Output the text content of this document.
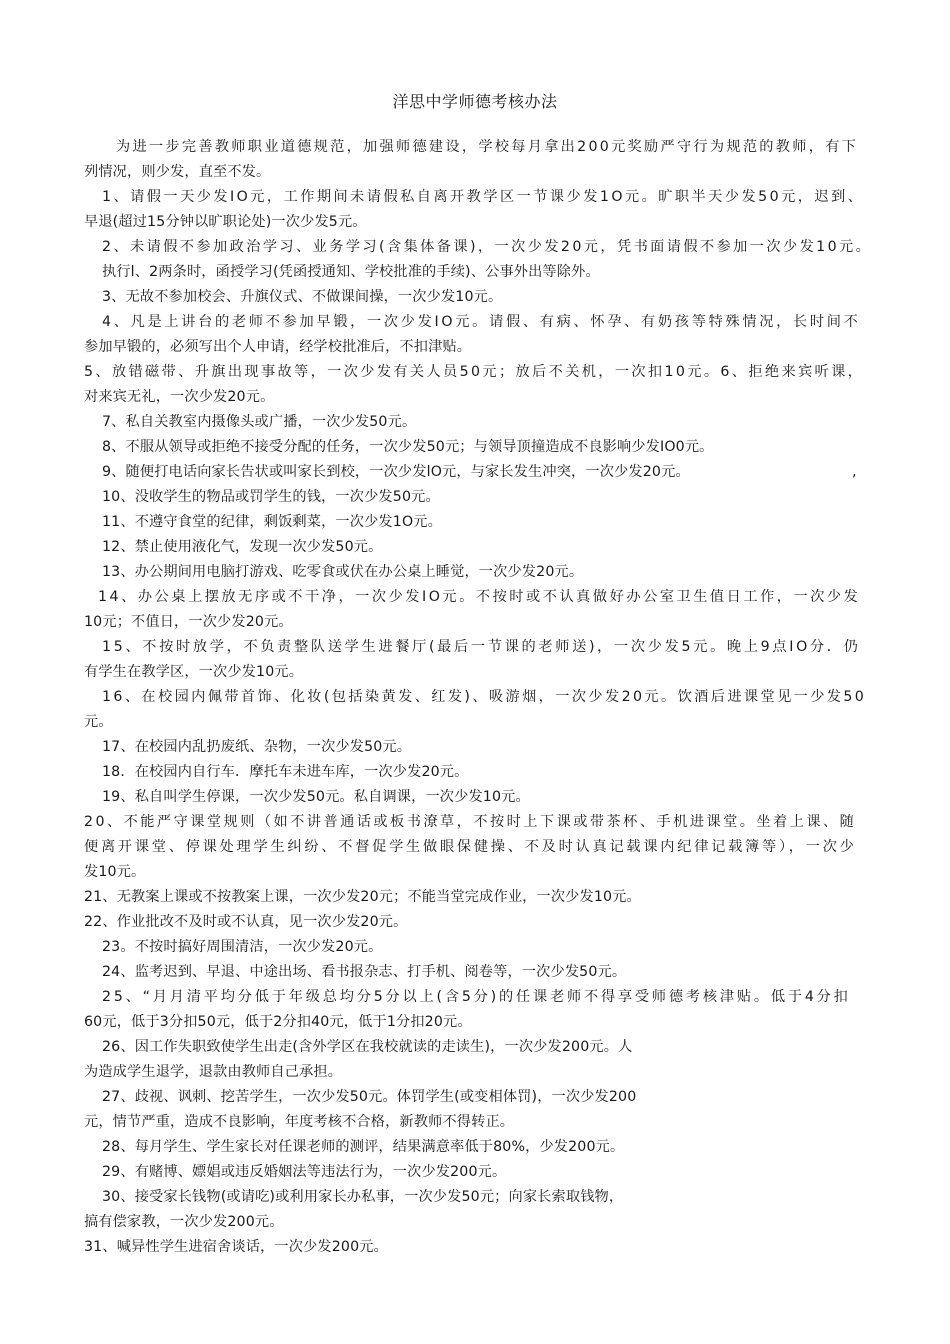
洋思中学师德考核办法
为进一步完善教师职业道德规范，加强师德建设，学校每月拿出200元奖励严守行为规范的教师，有下
列情况，则少发，直至不发。
1、请假一天少发IO元，工作期间未请假私自离开教学区一节课少发1O元。旷职半天少发50元，迟到、
早退(超过15分钟以旷职论处)一次少发5元。
2、未请假不参加政治学习、业务学习(含集体备课)，一次少发20元，凭书面请假不参加一次少发10元。
执行l、2两条时，函授学习(凭函授通知、学校批准的手续)、公事外出等除外。
3、无故不参加校会、升旗仪式、不做课间操，一次少发10元。
4、凡是上讲台的老师不参加早锻，一次少发IO元。请假、有病、怀孕、有奶孩等特殊情况，长时间不
参加早锻的，必须写出个人申请，经学校批准后，不扣津贴。
5、放错磁带、升旗出现事故等，一次少发有关人员50元；放后不关机，一次扣10元。6、拒绝来宾听课，
对来宾无礼，一次少发20元。
7、私自关教室内摄像头或广播，一次少发50元。
8、不服从领导或拒绝不接受分配的任务，一次少发50元；与领导顶撞造成不良影响少发IO0元。
9、随便打电话向家长告状或叫家长到校，一次少发lO元，与家长发生冲突，一次少发20元。
10、没收学生的物品或罚学生的钱，一次少发50元。
11、不遵守食堂的纪律，剩饭剩菜，一次少发1O元。
12、禁止使用液化气，发现一次少发50元。
13、办公期间用电脑打游戏、吃零食或伏在办公桌上睡觉，一次少发20元。
14、办公桌上摆放无序或不干净，一次少发IO元。不按时或不认真做好办公室卫生值日工作，一次少发
10元；不值日，一次少发20元。
15、不按时放学，不负责整队送学生进餐厅(最后一节课的老师送)，一次少发5元。晚上9点IO分．仍
有学生在教学区，一次少发10元。
16、在校园内佩带首饰、化妆(包括染黄发、红发)、吸游烟，一次少发20元。饮酒后进课堂见一少发50
元。
17、在校园内乱扔废纸、杂物，一次少发50元。
18．在校园内自行车．摩托车未进车库，一次少发20元。
19、私自叫学生停课，一次少发50元。私自调课，一次少发10元。
20、不能严守课堂规则（如不讲普通话或板书潦草，不按时上下课或带茶杯、手机进课堂。坐着上课、随
便离开课堂、停课处理学生纠纷、不督促学生做眼保健操、不及时认真记载课内纪律记载簿等），一次少
发10元。
21、无教案上课或不按教案上课，一次少发20元；不能当堂完成作业，一次少发10元。
22、作业批改不及时或不认真，见一次少发20元。
23。不按时搞好周围清洁，一次少发20元。
24、监考迟到、早退、中途出场、看书报杂志、打手机、阅卷等，一次少发50元。
25、“月月清平均分低于年级总均分5分以上(含5分)的任课老师不得享受师德考核津贴。低于4分扣
60元，低于3分扣50元，低于2分扣40元，低于1分扣20元。
26、因工作失职致使学生出走(含外学区在我校就读的走读生)，一次少发200元。人
为造成学生退学，退款由教师自己承担。
27、歧视、讽刺、挖苦学生，一次少发50元。体罚学生(或变相体罚)，一次少发200
元，情节严重，造成不良影响，年度考核不合格，新教师不得转正。
28、每月学生、学生家长对任课老师的测评，结果满意率低于80%，少发200元。
29、有赌博、嫖娼或违反婚姻法等违法行为，一次少发200元。
30、接受家长钱物(或请吃)或利用家长办私事，一次少发50元；向家长索取钱物，
搞有偿家教，一次少发200元。
31、喊异性学生进宿舍谈话，一次少发200元。
,
